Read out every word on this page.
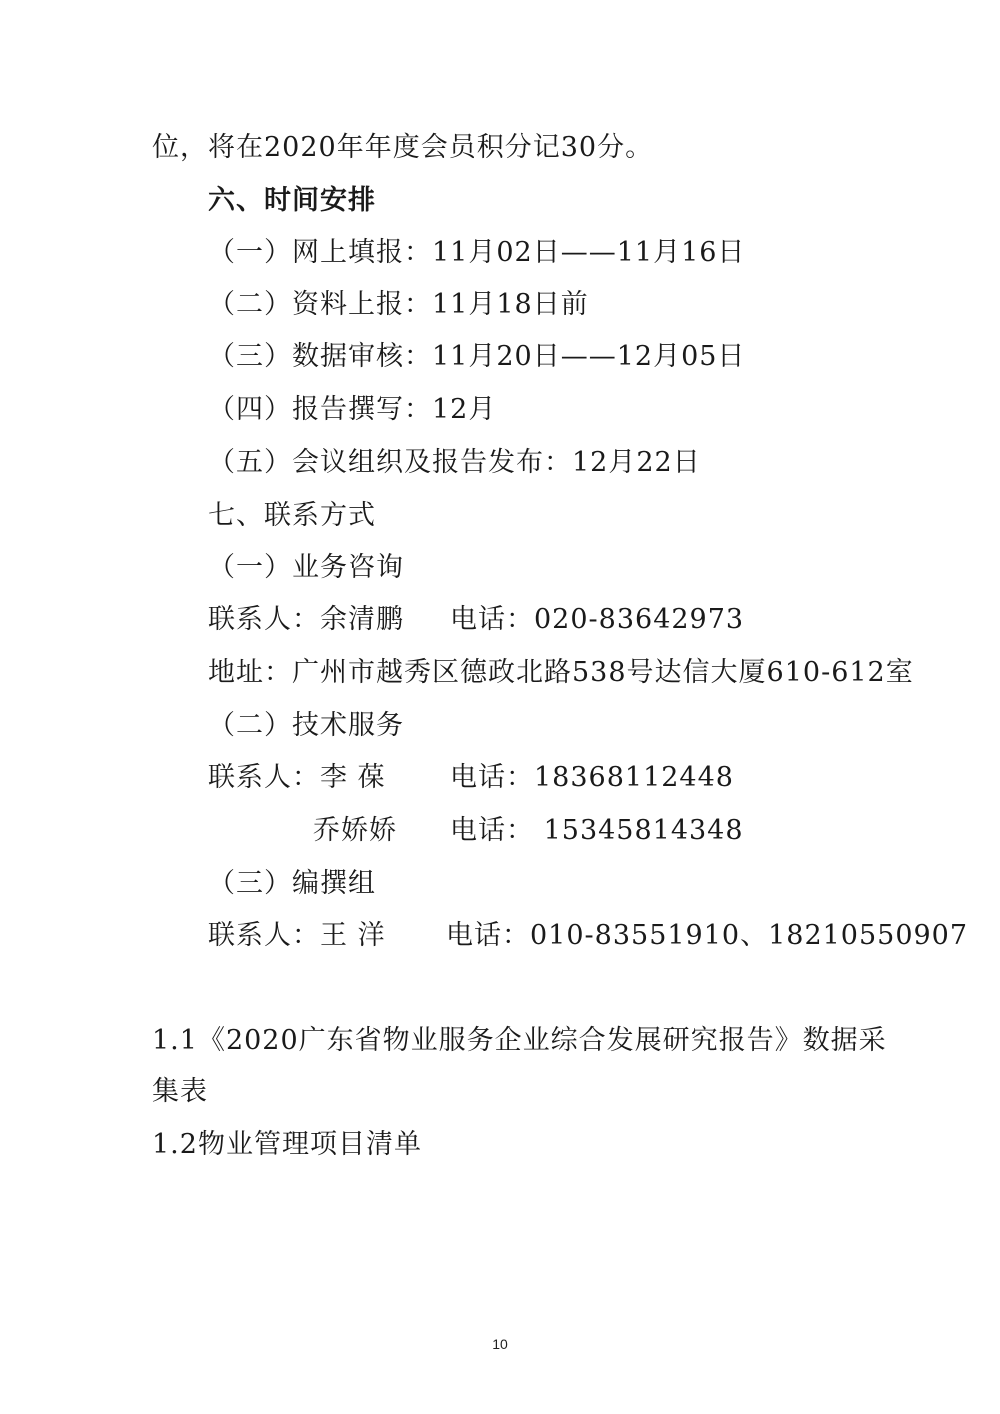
位，将在2020年年度会员积分记30分。
六、时间安排
（一）网上填报：11月02日——11月16日
（二）资料上报：11月18日前
（三）数据审核：11月20日——12月05日
（四）报告撰写：12月
（五）会议组织及报告发布：12月22日
七、联系方式
（一）业务咨询
联系人：余清鹏 电话：020-83642973
地址：广州市越秀区德政北路538号达信大厦610-612室
（二）技术服务
联系人：李 葆 电话：18368112448
乔娇娇 电话： 15345814348
（三）编撰组
联系人：王 洋 电话：010-83551910、18210550907
1.1《2020广东省物业服务企业综合发展研究报告》数据采
集表
1.2物业管理项目清单
10
